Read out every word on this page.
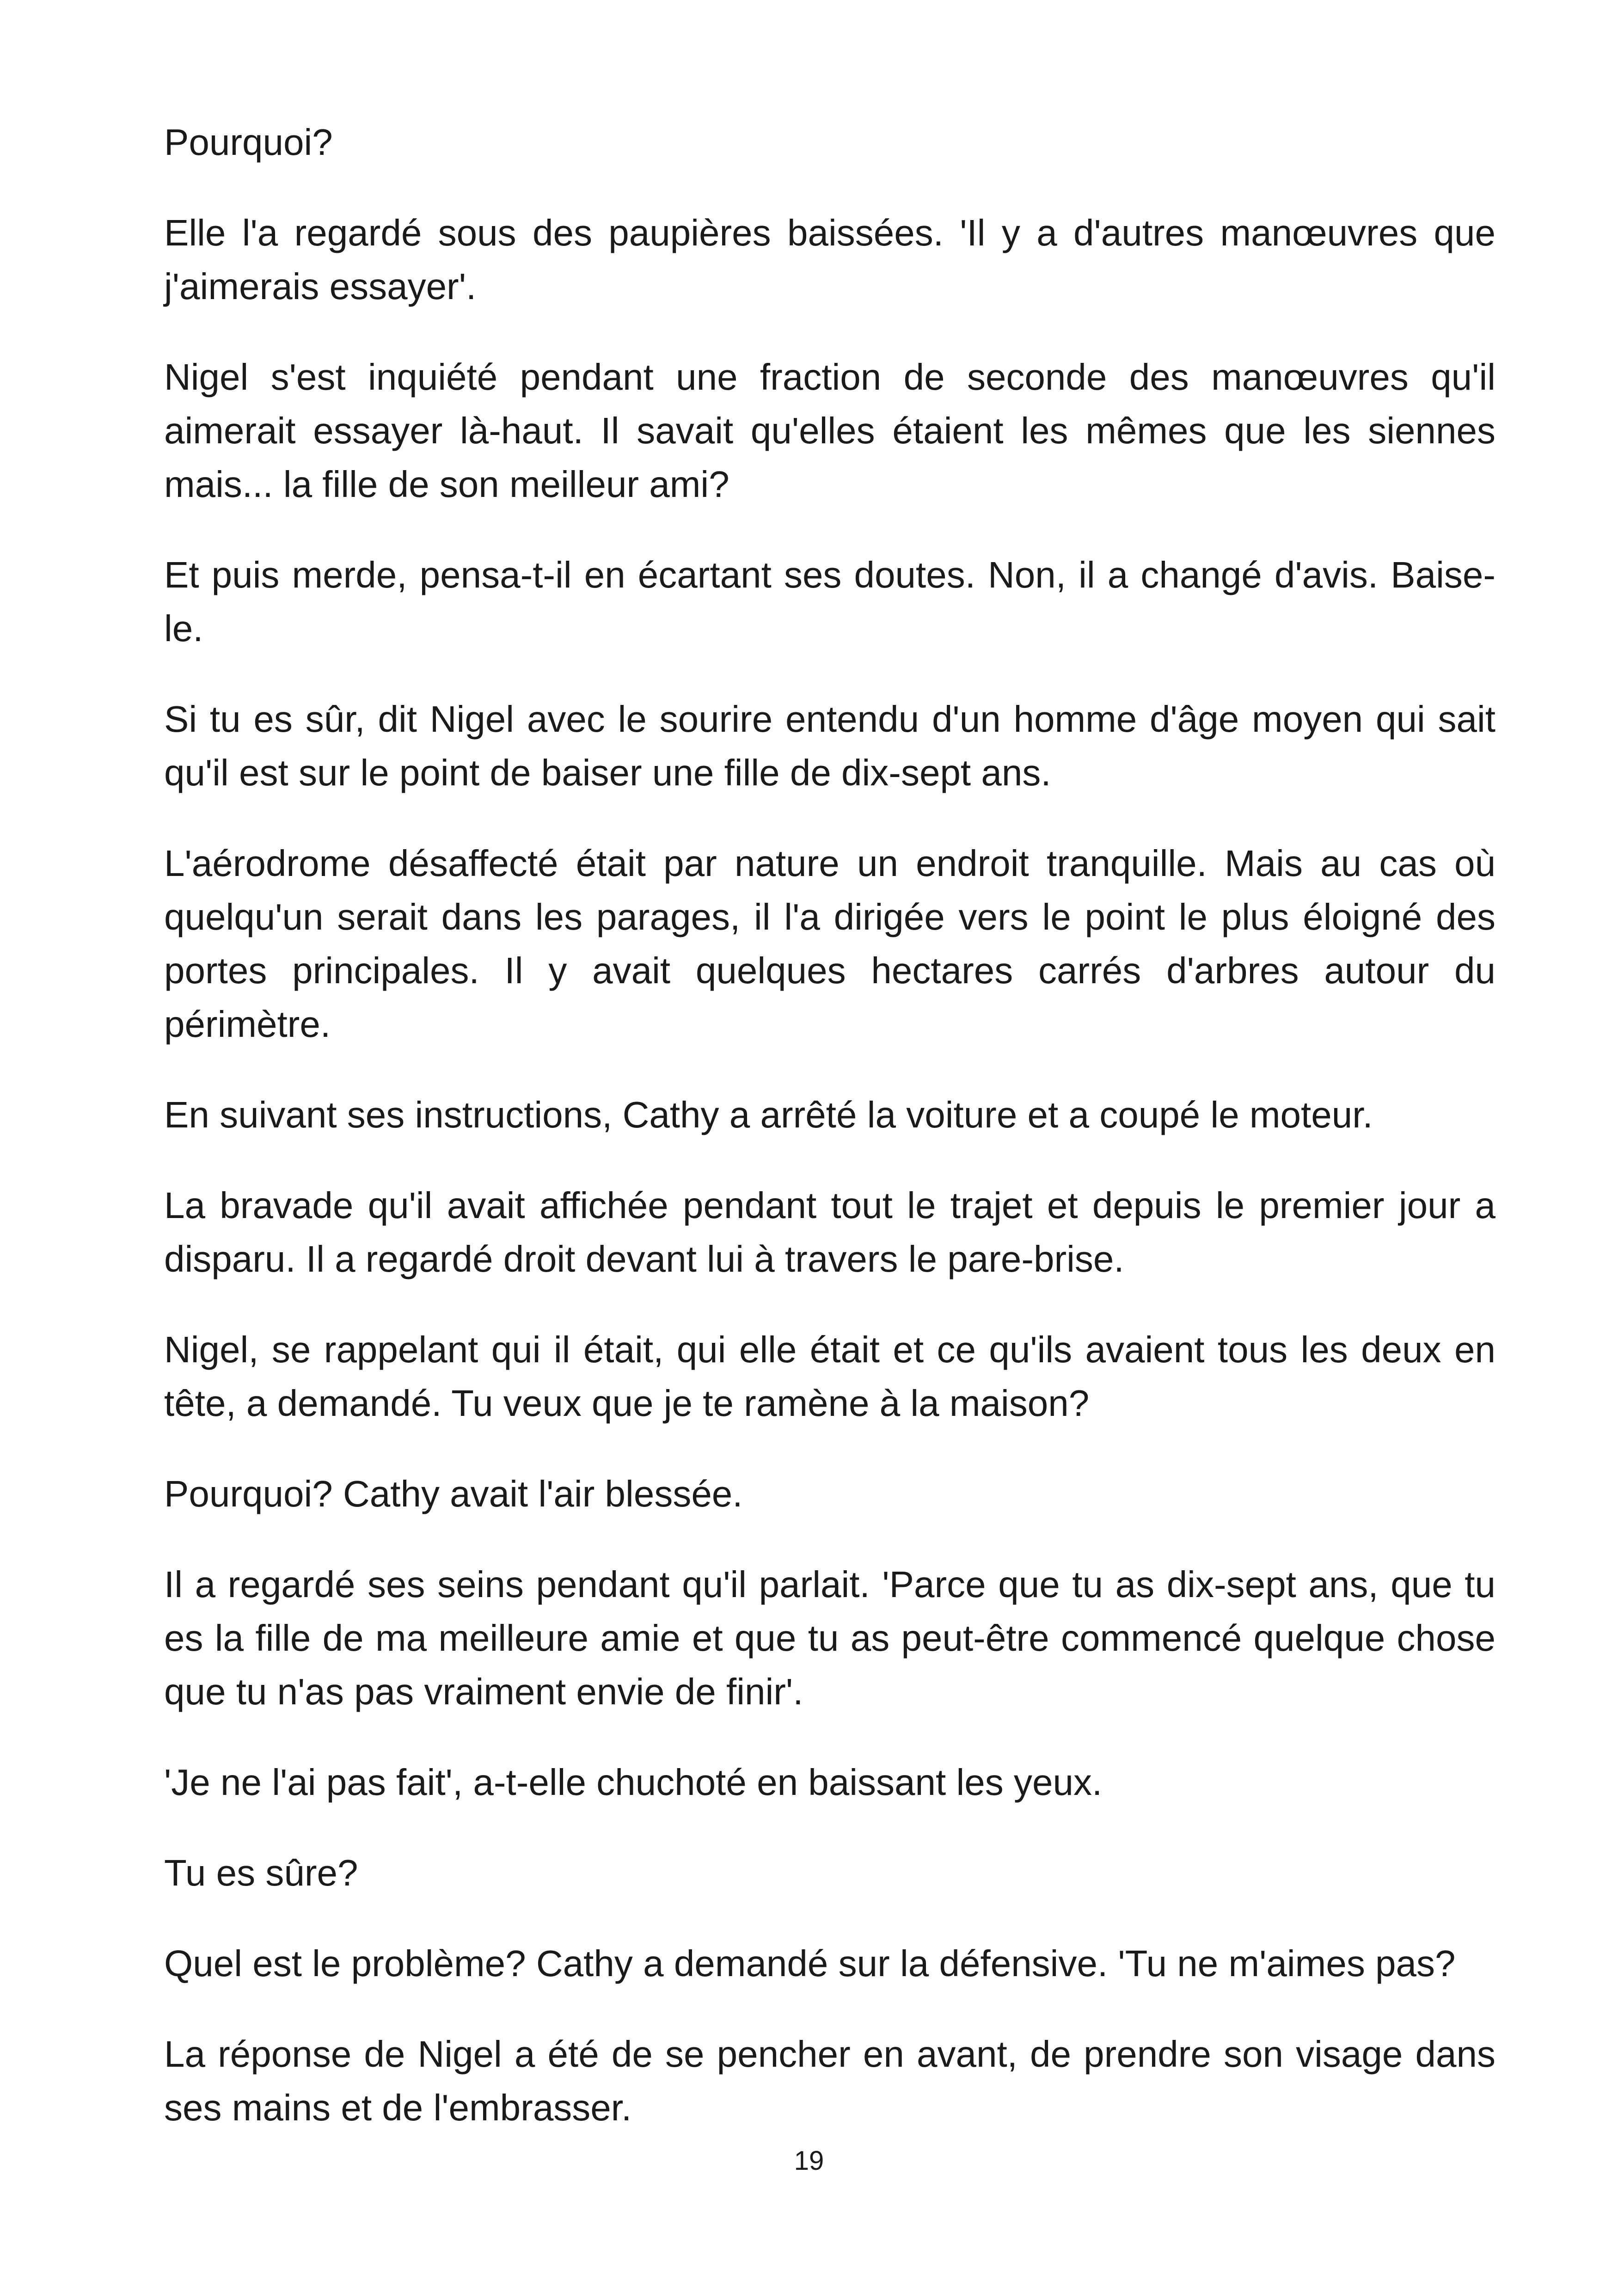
Pourquoi?

Elle l'a regardé sous des paupières baissées. 'Il y a d'autres manœuvres que j'aimerais essayer'.

Nigel s'est inquiété pendant une fraction de seconde des manœuvres qu'il aimerait essayer là-haut. Il savait qu'elles étaient les mêmes que les siennes mais... la fille de son meilleur ami?

Et puis merde, pensa-t-il en écartant ses doutes. Non, il a changé d'avis. Baise-le.

Si tu es sûr, dit Nigel avec le sourire entendu d'un homme d'âge moyen qui sait qu'il est sur le point de baiser une fille de dix-sept ans.

L'aérodrome désaffecté était par nature un endroit tranquille. Mais au cas où quelqu'un serait dans les parages, il l'a dirigée vers le point le plus éloigné des portes principales. Il y avait quelques hectares carrés d'arbres autour du périmètre.

En suivant ses instructions, Cathy a arrêté la voiture et a coupé le moteur.

La bravade qu'il avait affichée pendant tout le trajet et depuis le premier jour a disparu. Il a regardé droit devant lui à travers le pare-brise.

Nigel, se rappelant qui il était, qui elle était et ce qu'ils avaient tous les deux en tête, a demandé. Tu veux que je te ramène à la maison?

Pourquoi? Cathy avait l'air blessée.

Il a regardé ses seins pendant qu'il parlait. 'Parce que tu as dix-sept ans, que tu es la fille de ma meilleure amie et que tu as peut-être commencé quelque chose que tu n'as pas vraiment envie de finir'.

'Je ne l'ai pas fait', a-t-elle chuchoté en baissant les yeux.

Tu es sûre?

Quel est le problème? Cathy a demandé sur la défensive. 'Tu ne m'aimes pas?

La réponse de Nigel a été de se pencher en avant, de prendre son visage dans ses mains et de l'embrasser.

19
